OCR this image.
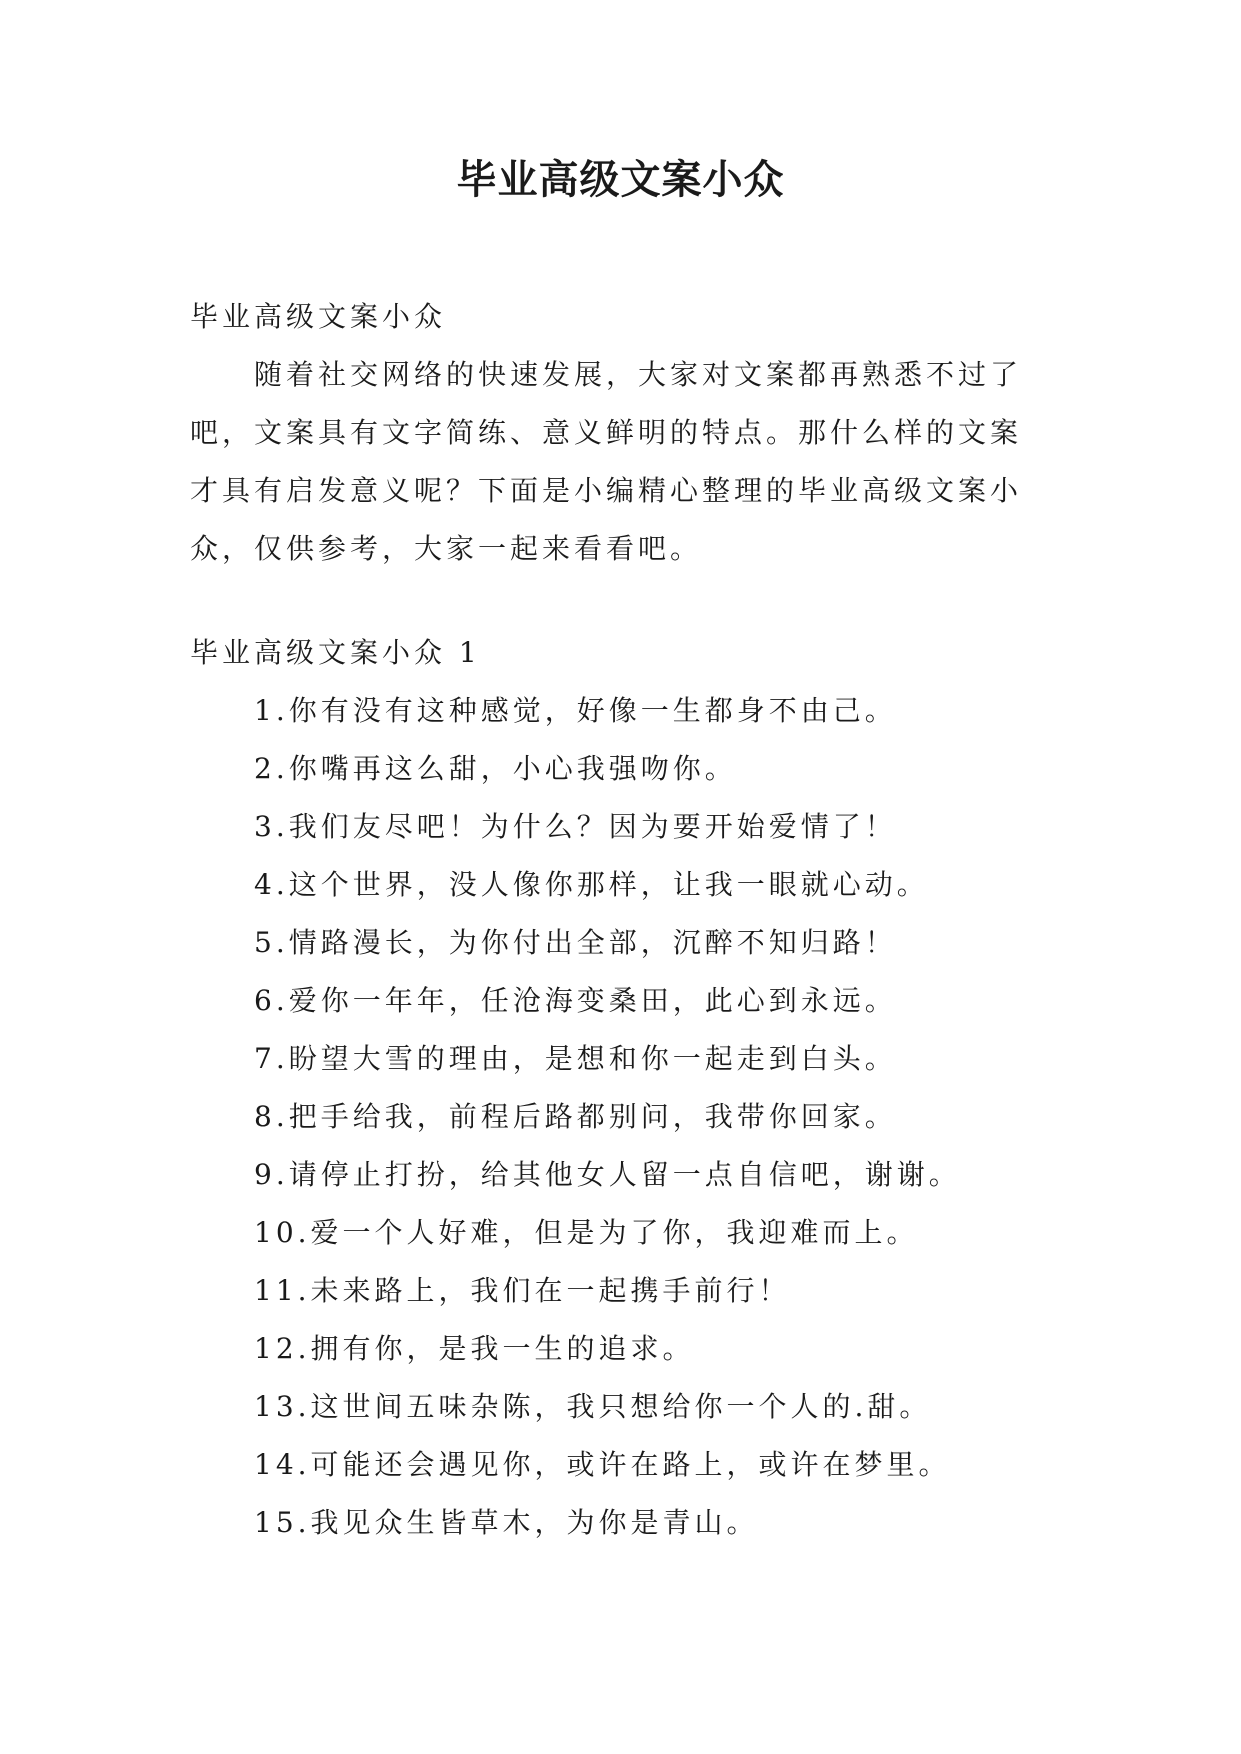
毕业高级文案小众

毕业高级文案小众

随着社交网络的快速发展，大家对文案都再熟悉不过了吧，文案具有文字简练、意义鲜明的特点。那什么样的文案才具有启发意义呢？下面是小编精心整理的毕业高级文案小众，仅供参考，大家一起来看看吧。

毕业高级文案小众 1

1.你有没有这种感觉，好像一生都身不由己。

2.你嘴再这么甜，小心我强吻你。

3.我们友尽吧！为什么？因为要开始爱情了！

4.这个世界，没人像你那样，让我一眼就心动。

5.情路漫长，为你付出全部，沉醉不知归路！

6.爱你一年年，任沧海变桑田，此心到永远。

7.盼望大雪的理由，是想和你一起走到白头。

8.把手给我，前程后路都别问，我带你回家。

9.请停止打扮，给其他女人留一点自信吧，谢谢。

10.爱一个人好难，但是为了你，我迎难而上。

11.未来路上，我们在一起携手前行！

12.拥有你，是我一生的追求。

13.这世间五味杂陈，我只想给你一个人的.甜。

14.可能还会遇见你，或许在路上，或许在梦里。

15.我见众生皆草木，为你是青山。
